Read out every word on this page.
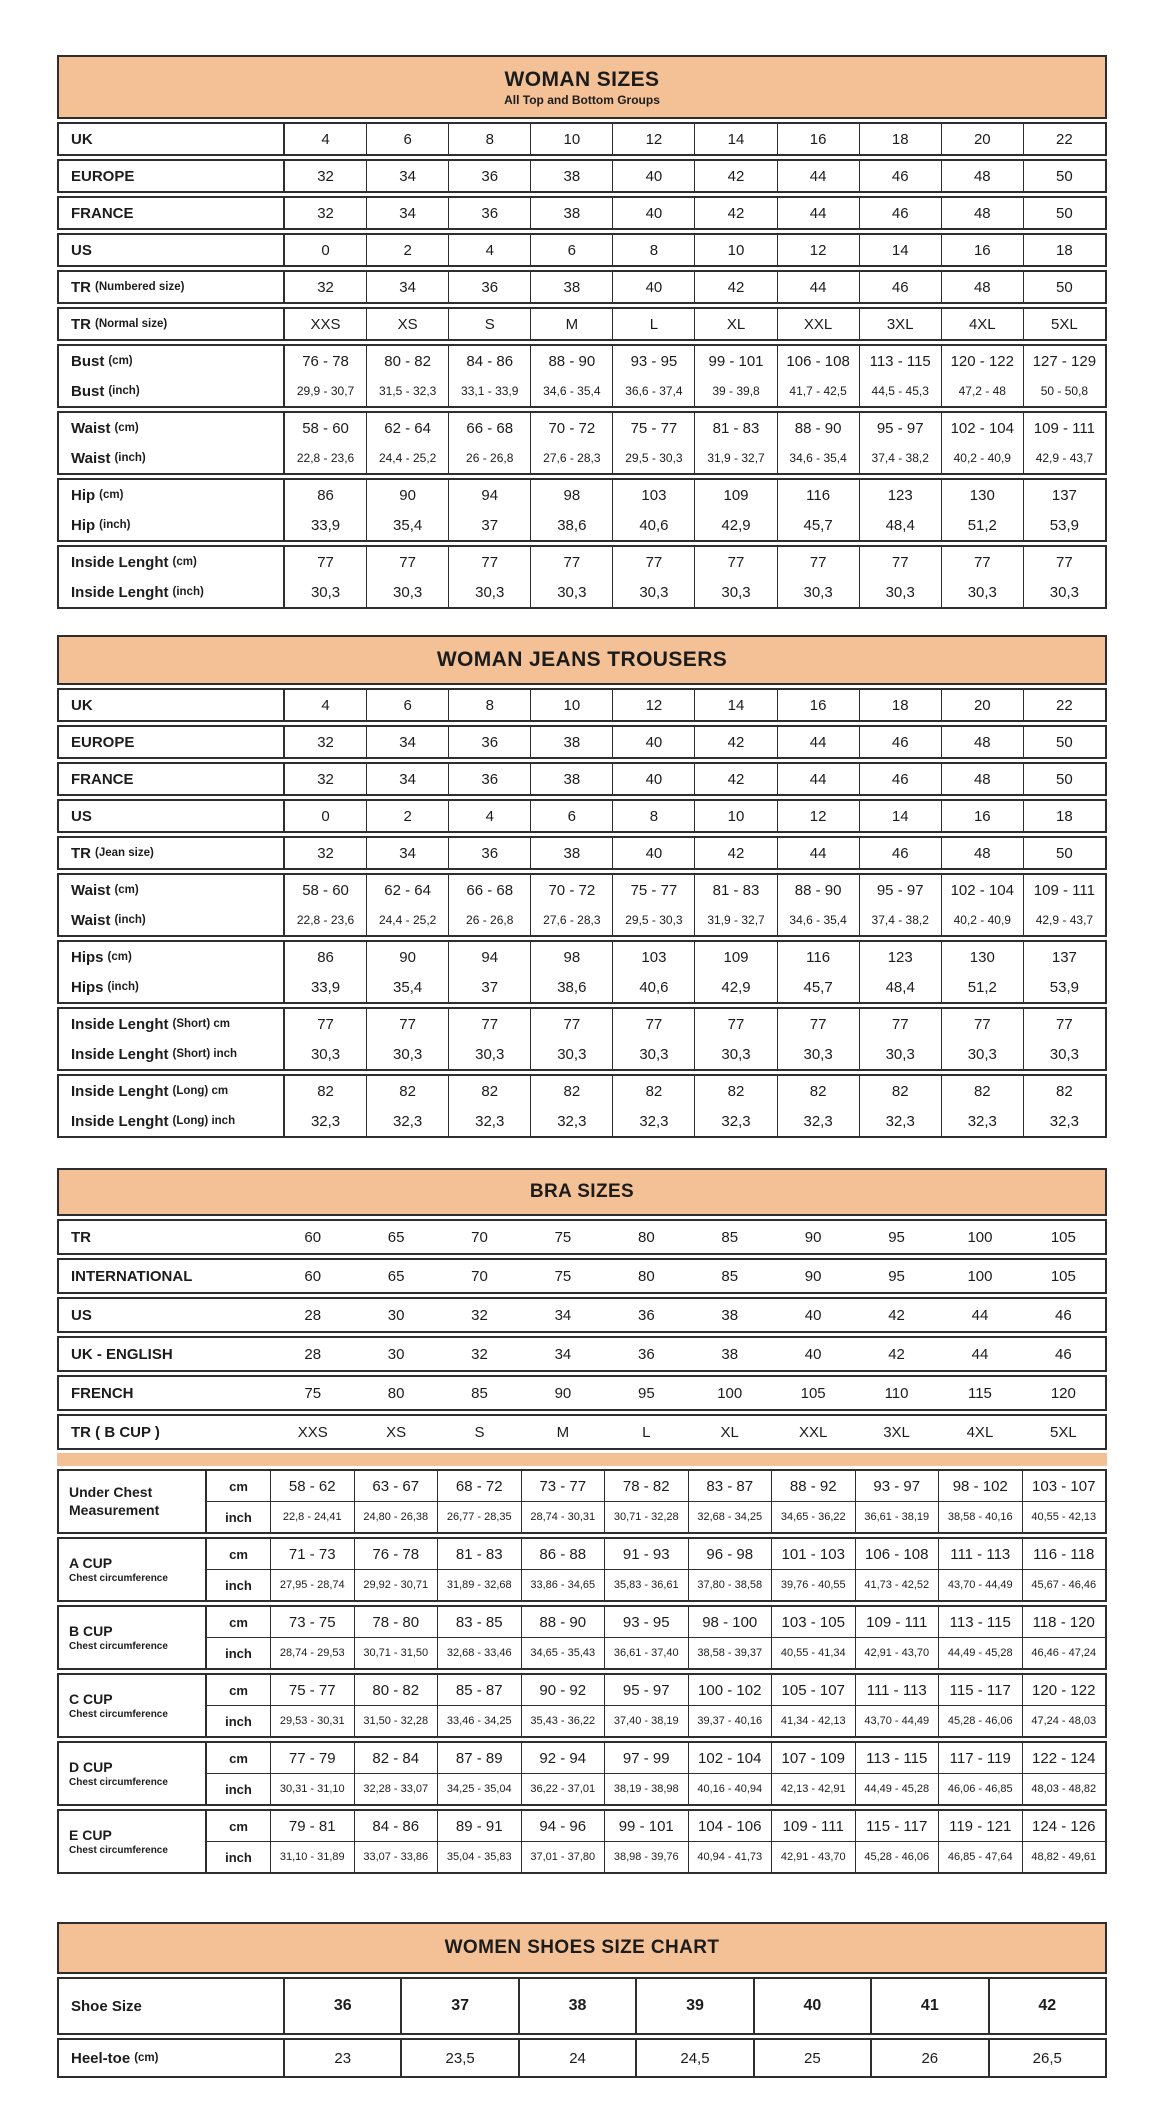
WOMAN SIZES
All Top and Bottom Groups
UK	4	6	8	10	12	14	16	18	20	22
EUROPE	32	34	36	38	40	42	44	46	48	50
FRANCE	32	34	36	38	40	42	44	46	48	50
US	0	2	4	6	8	10	12	14	16	18
TR (Numbered size)	32	34	36	38	40	42	44	46	48	50
TR (Normal size)	XXS	XS	S	M	L	XL	XXL	3XL	4XL	5XL
Bust (cm)	76 - 78	80 - 82	84 - 86	88 - 90	93 - 95	99 - 101	106 - 108	113 - 115	120 - 122	127 - 129
Bust (inch)	29,9 - 30,7	31,5 - 32,3	33,1 - 33,9	34,6 - 35,4	36,6 - 37,4	39 - 39,8	41,7 - 42,5	44,5 - 45,3	47,2 - 48	50 - 50,8
Waist (cm)	58 - 60	62 - 64	66 - 68	70 - 72	75 - 77	81 - 83	88 - 90	95 - 97	102 - 104	109 - 111
Waist (inch)	22,8 - 23,6	24,4 - 25,2	26 - 26,8	27,6 - 28,3	29,5 - 30,3	31,9 - 32,7	34,6 - 35,4	37,4 - 38,2	40,2 - 40,9	42,9 - 43,7
Hip (cm)	86	90	94	98	103	109	116	123	130	137
Hip (inch)	33,9	35,4	37	38,6	40,6	42,9	45,7	48,4	51,2	53,9
Inside Lenght (cm)	77	77	77	77	77	77	77	77	77	77
Inside Lenght (inch)	30,3	30,3	30,3	30,3	30,3	30,3	30,3	30,3	30,3	30,3
WOMAN JEANS TROUSERS
UK	4	6	8	10	12	14	16	18	20	22
EUROPE	32	34	36	38	40	42	44	46	48	50
FRANCE	32	34	36	38	40	42	44	46	48	50
US	0	2	4	6	8	10	12	14	16	18
TR (Jean size)	32	34	36	38	40	42	44	46	48	50
Waist (cm)	58 - 60	62 - 64	66 - 68	70 - 72	75 - 77	81 - 83	88 - 90	95 - 97	102 - 104	109 - 111
Waist (inch)	22,8 - 23,6	24,4 - 25,2	26 - 26,8	27,6 - 28,3	29,5 - 30,3	31,9 - 32,7	34,6 - 35,4	37,4 - 38,2	40,2 - 40,9	42,9 - 43,7
Hips (cm)	86	90	94	98	103	109	116	123	130	137
Hips (inch)	33,9	35,4	37	38,6	40,6	42,9	45,7	48,4	51,2	53,9
Inside Lenght (Short) cm	77	77	77	77	77	77	77	77	77	77
Inside Lenght (Short) inch	30,3	30,3	30,3	30,3	30,3	30,3	30,3	30,3	30,3	30,3
Inside Lenght (Long) cm	82	82	82	82	82	82	82	82	82	82
Inside Lenght (Long) inch	32,3	32,3	32,3	32,3	32,3	32,3	32,3	32,3	32,3	32,3
BRA SIZES
TR	60	65	70	75	80	85	90	95	100	105
INTERNATIONAL	60	65	70	75	80	85	90	95	100	105
US	28	30	32	34	36	38	40	42	44	46
UK - ENGLISH	28	30	32	34	36	38	40	42	44	46
FRENCH	75	80	85	90	95	100	105	110	115	120
TR ( B CUP )	XXS	XS	S	M	L	XL	XXL	3XL	4XL	5XL
Under Chest
Measurement
cm	58 - 62	63 - 67	68 - 72	73 - 77	78 - 82	83 - 87	88 - 92	93 - 97	98 - 102	103 - 107
inch	22,8 - 24,41	24,80 - 26,38	26,77 - 28,35	28,74 - 30,31	30,71 - 32,28	32,68 - 34,25	34,65 - 36,22	36,61 - 38,19	38,58 - 40,16	40,55 - 42,13
A CUP
Chest circumference
cm	71 - 73	76 - 78	81 - 83	86 - 88	91 - 93	96 - 98	101 - 103	106 - 108	111 - 113	116 - 118
inch	27,95 - 28,74	29,92 - 30,71	31,89 - 32,68	33,86 - 34,65	35,83 - 36,61	37,80 - 38,58	39,76 - 40,55	41,73 - 42,52	43,70 - 44,49	45,67 - 46,46
B CUP
Chest circumference
cm	73 - 75	78 - 80	83 - 85	88 - 90	93 - 95	98 - 100	103 - 105	109 - 111	113 - 115	118 - 120
inch	28,74 - 29,53	30,71 - 31,50	32,68 - 33,46	34,65 - 35,43	36,61 - 37,40	38,58 - 39,37	40,55 - 41,34	42,91 - 43,70	44,49 - 45,28	46,46 - 47,24
C CUP
Chest circumference
cm	75 - 77	80 - 82	85 - 87	90 - 92	95 - 97	100 - 102	105 - 107	111 - 113	115 - 117	120 - 122
inch	29,53 - 30,31	31,50 - 32,28	33,46 - 34,25	35,43 - 36,22	37,40 - 38,19	39,37 - 40,16	41,34 - 42,13	43,70 - 44,49	45,28 - 46,06	47,24 - 48,03
D CUP
Chest circumference
cm	77 - 79	82 - 84	87 - 89	92 - 94	97 - 99	102 - 104	107 - 109	113 - 115	117 - 119	122 - 124
inch	30,31 - 31,10	32,28 - 33,07	34,25 - 35,04	36,22 - 37,01	38,19 - 38,98	40,16 - 40,94	42,13 - 42,91	44,49 - 45,28	46,06 - 46,85	48,03 - 48,82
E CUP
Chest circumference
cm	79 - 81	84 - 86	89 - 91	94 - 96	99 - 101	104 - 106	109 - 111	115 - 117	119 - 121	124 - 126
inch	31,10 - 31,89	33,07 - 33,86	35,04 - 35,83	37,01 - 37,80	38,98 - 39,76	40,94 - 41,73	42,91 - 43,70	45,28 - 46,06	46,85 - 47,64	48,82 - 49,61
WOMEN SHOES SIZE CHART
Shoe Size	36	37	38	39	40	41	42
Heel-toe (cm)	23	23,5	24	24,5	25	26	26,5
